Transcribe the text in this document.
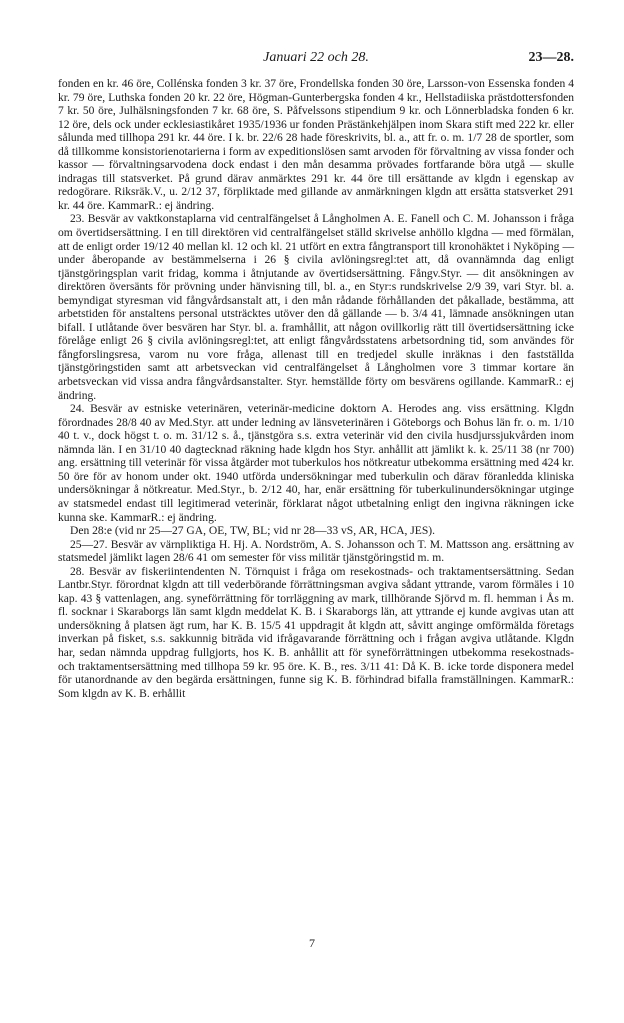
Januari 22 och 28.	23—28.

fonden en kr. 46 öre, Collénska fonden 3 kr. 37 öre, Frondellska fonden 30 öre, Larsson-von Essenska fonden 4 kr. 79 öre, Luthska fonden 20 kr. 22 öre, Högman-Gunterbergska fonden 4 kr., Hellstadiiska prästdottersfonden 7 kr. 50 öre, Julhälsningsfonden 7 kr. 68 öre, S. Påfvelssons stipendium 9 kr. och Lönnerbladska fonden 6 kr. 12 öre, dels ock under ecklesiastikåret 1935/1936 ur fonden Prästänkehjälpen inom Skara stift med 222 kr. eller sålunda med tillhopa 291 kr. 44 öre. I k. br. 22/6 28 hade föreskrivits, bl. a., att fr. o. m. 1/7 28 de sportler, som då tillkomme konsistorienotarierna i form av expeditionslösen samt arvoden för förvaltning av vissa fonder och kassor — förvaltningsarvodena dock endast i den mån desamma prövades fortfarande böra utgå — skulle indragas till statsverket. På grund därav anmärktes 291 kr. 44 öre till ersättande av klgdn i egenskap av redogörare. Riksräk.V., u. 2/12 37, förpliktade med gillande av anmärkningen klgdn att ersätta statsverket 291 kr. 44 öre. KammarR.: ej ändring.

23. Besvär av vaktkonstaplarna vid centralfängelset å Långholmen A. E. Fanell och C. M. Johansson i fråga om övertidsersättning. I en till direktören vid centralfängelset ställd skrivelse anhöllo klgdna — med förmälan, att de enligt order 19/12 40 mellan kl. 12 och kl. 21 utfört en extra fångtransport till kronohäktet i Nyköping — under åberopande av bestämmelserna i 26 § civila avlöningsregl:tet att, då ovannämnda dag enligt tjänstgöringsplan varit fridag, komma i åtnjutande av övertidsersättning. Fångv.Styr. — dit ansökningen av direktören översänts för prövning under hänvisning till, bl. a., en Styr:s rundskrivelse 2/9 39, vari Styr. bl. a. bemyndigat styresman vid fångvårdsanstalt att, i den mån rådande förhållanden det påkallade, bestämma, att arbetstiden för anstaltens personal utsträcktes utöver den då gällande — b. 3/4 41, lämnade ansökningen utan bifall. I utlåtande över besvären har Styr. bl. a. framhållit, att någon ovillkorlig rätt till övertidsersättning icke förelåge enligt 26 § civila avlöningsregl:tet, att enligt fångvårdsstatens arbetsordning tid, som användes för fångforslingsresa, varom nu vore fråga, allenast till en tredjedel skulle inräknas i den fastställda tjänstgöringstiden samt att arbetsveckan vid centralfängelset å Långholmen vore 3 timmar kortare än arbetsveckan vid vissa andra fångvårdsanstalter. Styr. hemställde förty om besvärens ogillande. KammarR.: ej ändring.

24. Besvär av estniske veterinären, veterinär-medicine doktorn A. Herodes ang. viss ersättning. Klgdn förordnades 28/8 40 av Med.Styr. att under ledning av länsveterinären i Göteborgs och Bohus län fr. o. m. 1/10 40 t. v., dock högst t. o. m. 31/12 s. å., tjänstgöra s.s. extra veterinär vid den civila husdjurssjukvården inom nämnda län. I en 31/10 40 dagtecknad räkning hade klgdn hos Styr. anhållit att jämlikt k. k. 25/11 38 (nr 700) ang. ersättning till veterinär för vissa åtgärder mot tuberkulos hos nötkreatur utbekomma ersättning med 424 kr. 50 öre för av honom under okt. 1940 utförda undersökningar med tuberkulin och därav föranledda kliniska undersökningar å nötkreatur. Med.Styr., b. 2/12 40, har, enär ersättning för tuberkulinundersökningar utginge av statsmedel endast till legitimerad veterinär, förklarat något utbetalning enligt den ingivna räkningen icke kunna ske. KammarR.: ej ändring.

Den 28:e (vid nr 25—27 GA, OE, TW, BL; vid nr 28—33 vS, AR, HCA, JES).

25—27. Besvär av värnpliktiga H. Hj. A. Nordström, A. S. Johansson och T. M. Mattsson ang. ersättning av statsmedel jämlikt lagen 28/6 41 om semester för viss militär tjänstgöringstid m. m.

28. Besvär av fiskeriintendenten N. Törnquist i fråga om resekostnads- och traktamentsersättning. Sedan Lantbr.Styr. förordnat klgdn att till vederbörande förrättningsman avgiva sådant yttrande, varom förmäles i 10 kap. 43 § vattenlagen, ang. syneförrättning för torrläggning av mark, tillhörande Sjörvd m. fl. hemman i Ås m. fl. socknar i Skaraborgs län samt klgdn meddelat K. B. i Skaraborgs län, att yttrande ej kunde avgivas utan att undersökning å platsen ägt rum, har K. B. 15/5 41 uppdragit åt klgdn att, såvitt anginge omförmälda företags inverkan på fisket, s.s. sakkunnig biträda vid ifrågavarande förrättning och i frågan avgiva utlåtande. Klgdn har, sedan nämnda uppdrag fullgjorts, hos K. B. anhållit att för syneförrättningen utbekomma resekostnads- och traktamentsersättning med tillhopa 59 kr. 95 öre. K. B., res. 3/11 41: Då K. B. icke torde disponera medel för utanordnande av den begärda ersättningen, funne sig K. B. förhindrad bifalla framställningen. KammarR.: Som klgdn av K. B. erhållit

7
